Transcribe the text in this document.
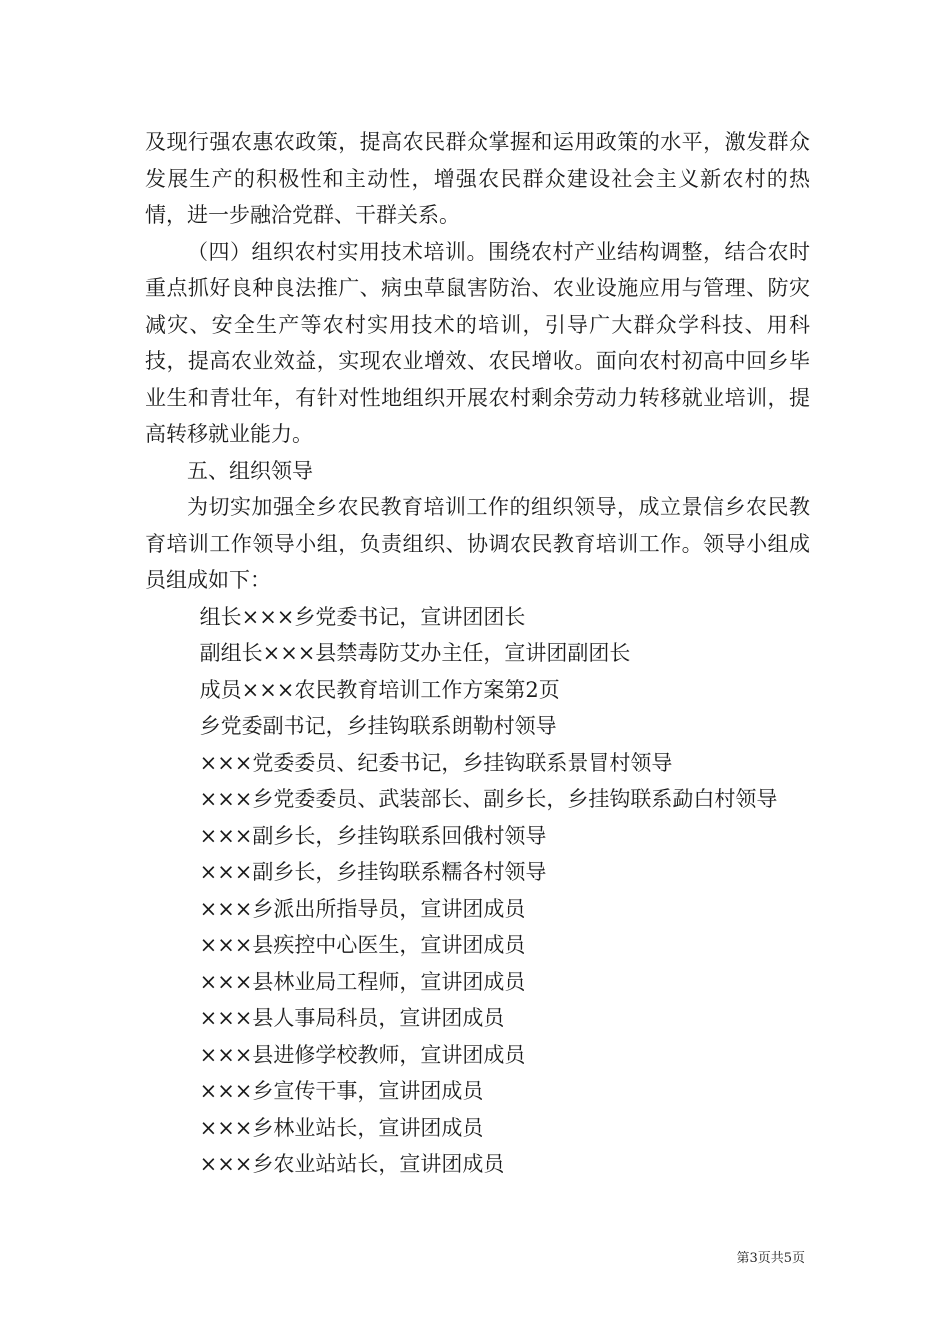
及现行强农惠农政策，提高农民群众掌握和运用政策的水平，激发群众发展生产的积极性和主动性，增强农民群众建设社会主义新农村的热情，进一步融洽党群、干群关系。

（四）组织农村实用技术培训。围绕农村产业结构调整，结合农时重点抓好良种良法推广、病虫草鼠害防治、农业设施应用与管理、防灾减灾、安全生产等农村实用技术的培训，引导广大群众学科技、用科技，提高农业效益，实现农业增效、农民增收。面向农村初高中回乡毕业生和青壮年，有针对性地组织开展农村剩余劳动力转移就业培训，提高转移就业能力。

五、组织领导

为切实加强全乡农民教育培训工作的组织领导，成立景信乡农民教育培训工作领导小组，负责组织、协调农民教育培训工作。领导小组成员组成如下：

组长×××乡党委书记，宣讲团团长
副组长×××县禁毒防艾办主任，宣讲团副团长
成员×××农民教育培训工作方案第2页
乡党委副书记，乡挂钩联系朗勒村领导
×××党委委员、纪委书记，乡挂钩联系景冒村领导
×××乡党委委员、武装部长、副乡长，乡挂钩联系勐白村领导
×××副乡长，乡挂钩联系回俄村领导
×××副乡长，乡挂钩联系糯各村领导
×××乡派出所指导员，宣讲团成员
×××县疾控中心医生，宣讲团成员
×××县林业局工程师，宣讲团成员
×××县人事局科员，宣讲团成员
×××县进修学校教师，宣讲团成员
×××乡宣传干事，宣讲团成员
×××乡林业站长，宣讲团成员
×××乡农业站站长，宣讲团成员
第3页共5页
